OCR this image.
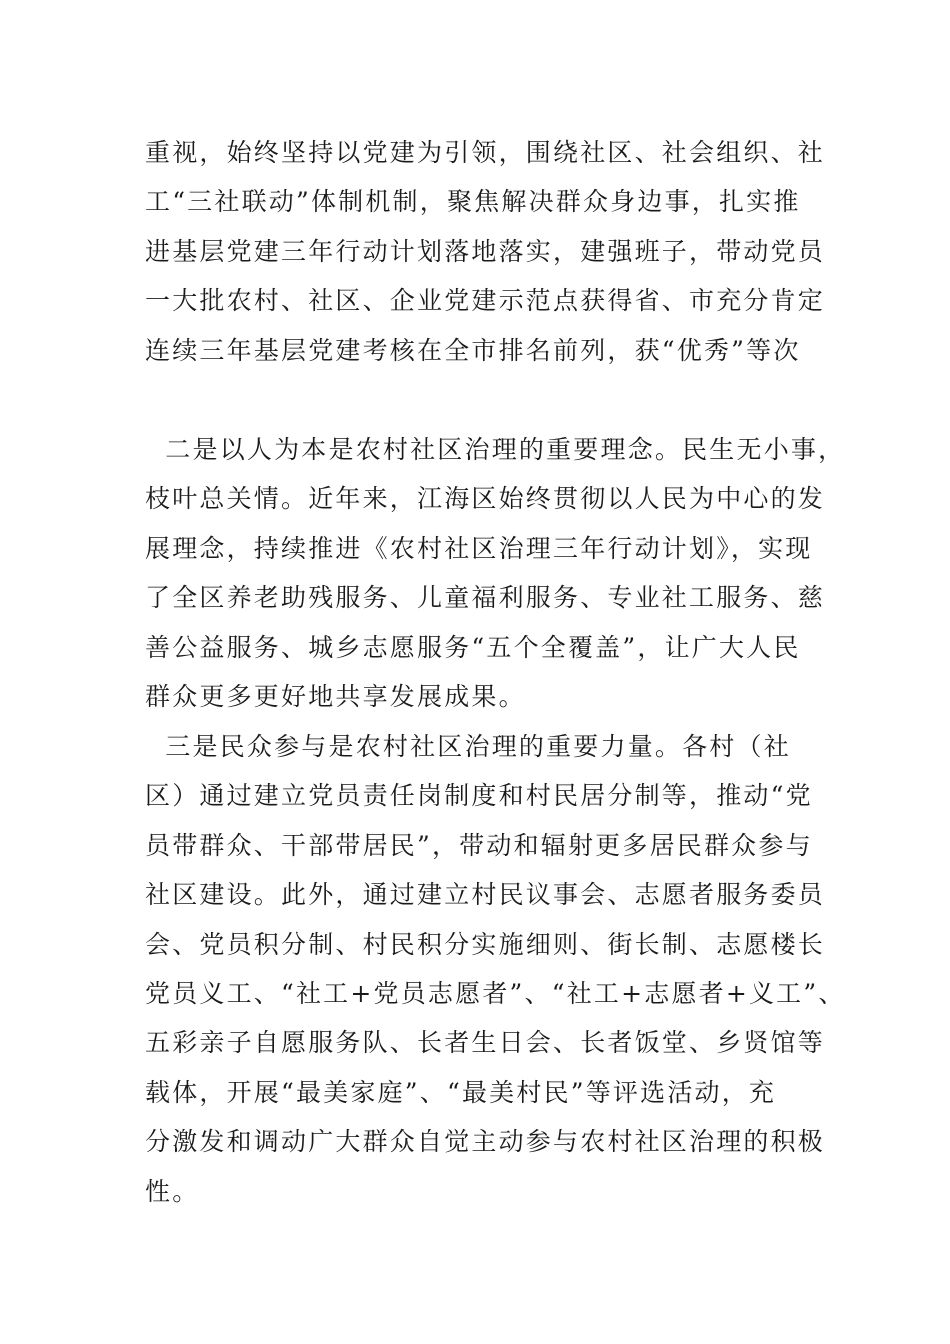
重视，始终坚持以党建为引领，围绕社区、社会组织、社
工“三社联动”体制机制，聚焦解决群众身边事，扎实推
进基层党建三年行动计划落地落实，建强班子，带动党员
一大批农村、社区、企业党建示范点获得省、市充分肯定
连续三年基层党建考核在全市排名前列，获“优秀”等次
二是以人为本是农村社区治理的重要理念。民生无小事，
枝叶总关情。近年来，江海区始终贯彻以人民为中心的发
展理念，持续推进《农村社区治理三年行动计划》，实现
了全区养老助残服务、儿童福利服务、专业社工服务、慈
善公益服务、城乡志愿服务“五个全覆盖”，让广大人民
群众更多更好地共享发展成果。
三是民众参与是农村社区治理的重要力量。各村（社
区）通过建立党员责任岗制度和村民居分制等，推动“党
员带群众、干部带居民”，带动和辐射更多居民群众参与
社区建设。此外，通过建立村民议事会、志愿者服务委员
会、党员积分制、村民积分实施细则、街长制、志愿楼长
党员义工、“社工+党员志愿者”、“社工+志愿者+义工”、
五彩亲子自愿服务队、长者生日会、长者饭堂、乡贤馆等
载体，开展“最美家庭”、“最美村民”等评选活动，充
分激发和调动广大群众自觉主动参与农村社区治理的积极
性。
